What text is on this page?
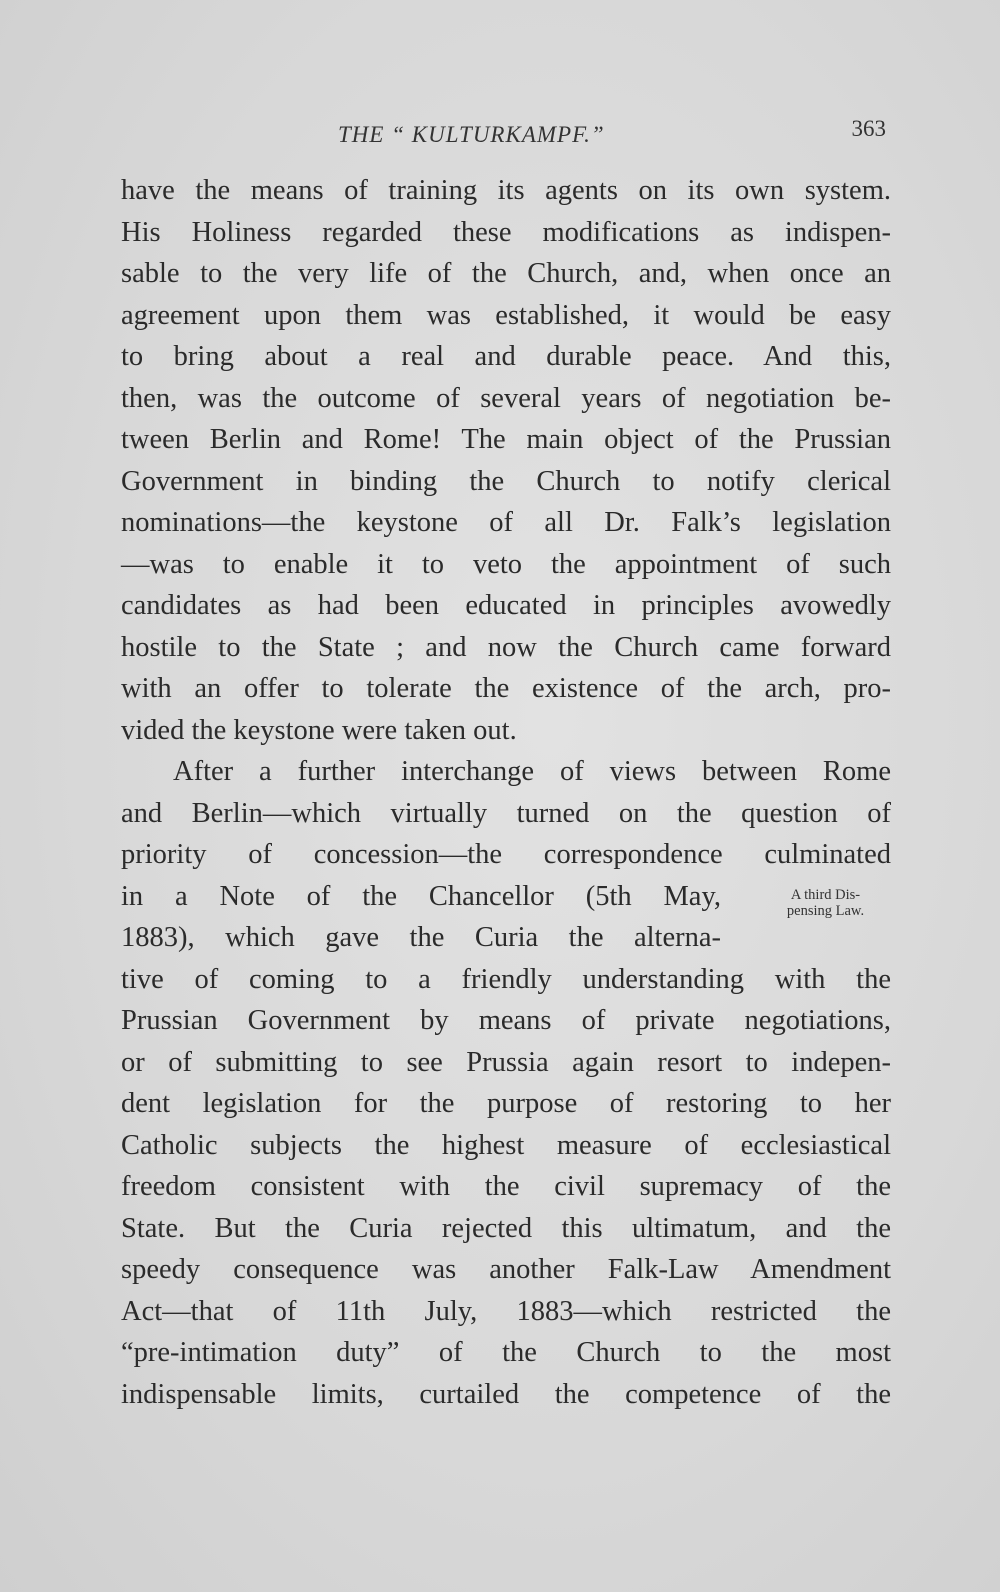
THE “ KULTURKAMPF.”	363
have the means of training its agents on its own system.
His Holiness regarded these modifications as indispen-
sable to the very life of the Church, and, when once an
agreement upon them was established, it would be easy
to bring about a real and durable peace. And this,
then, was the outcome of several years of negotiation be-
tween Berlin and Rome! The main object of the Prussian
Government in binding the Church to notify clerical
nominations—the keystone of all Dr. Falk’s legislation
—was to enable it to veto the appointment of such
candidates as had been educated in principles avowedly
hostile to the State ; and now the Church came forward
with an offer to tolerate the existence of the arch, pro-
vided the keystone were taken out.
After a further interchange of views between Rome
and Berlin—which virtually turned on the question of
priority of concession—the correspondence culminated
in a Note of the Chancellor (5th May,
1883), which gave the Curia the alterna-
tive of coming to a friendly understanding with the
Prussian Government by means of private negotiations,
or of submitting to see Prussia again resort to indepen-
dent legislation for the purpose of restoring to her
Catholic subjects the highest measure of ecclesiastical
freedom consistent with the civil supremacy of the
State. But the Curia rejected this ultimatum, and the
speedy consequence was another Falk-Law Amendment
Act—that of 11th July, 1883—which restricted the
“pre-intimation duty” of the Church to the most
indispensable limits, curtailed the competence of the
A third Dis-
pensing Law.
